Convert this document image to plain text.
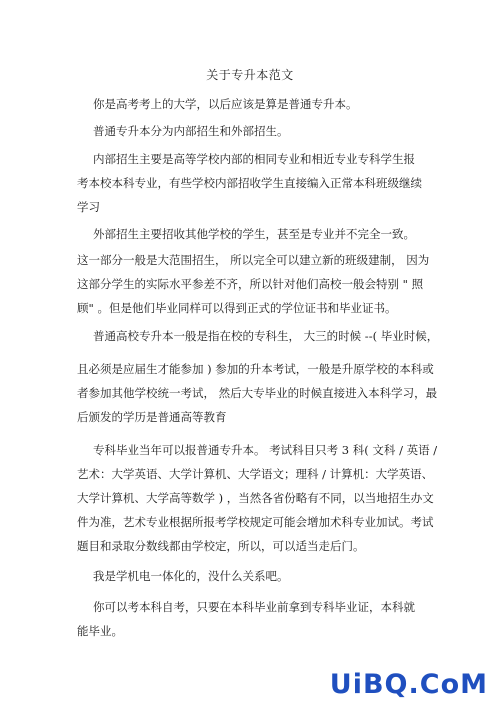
关于专升本范文
你是高考考上的大学，以后应该是算是普通专升本。
普通专升本分为内部招生和外部招生。
内部招生主要是高等学校内部的相同专业和相近专业专科学生报
考本校本科专业，有些学校内部招收学生直接编入正常本科班级继续
学习
外部招生主要招收其他学校的学生，甚至是专业并不完全一致。
这一部分一般是大范围招生， 所以完全可以建立新的班级建制， 因为
这部分学生的实际水平参差不齐，所以针对他们高校一般会特别 " 照
顾" 。但是他们毕业同样可以得到正式的学位证书和毕业证书。
普通高校专升本一般是指在校的专科生， 大三的时候 --( 毕业时候，
且必须是应届生才能参加 ) 参加的升本考试，一般是升原学校的本科或
者参加其他学校统一考试， 然后大专毕业的时候直接进入本科学习，最
后颁发的学历是普通高等教育
专科毕业当年可以报普通专升本。 考试科目只考 3 科( 文科 / 英语 /
艺术：大学英语、大学计算机、大学语文；理科 / 计算机：大学英语、
大学计算机、大学高等数学 ) ，当然各省份略有不同，以当地招生办文
件为准，艺术专业根据所报考学校规定可能会增加术科专业加试。考试
题目和录取分数线都由学校定，所以，可以适当走后门。
我是学机电一体化的，没什么关系吧。
你可以考本科自考，只要在本科毕业前拿到专科毕业证，本科就
能毕业。
UiBQ.CoM
